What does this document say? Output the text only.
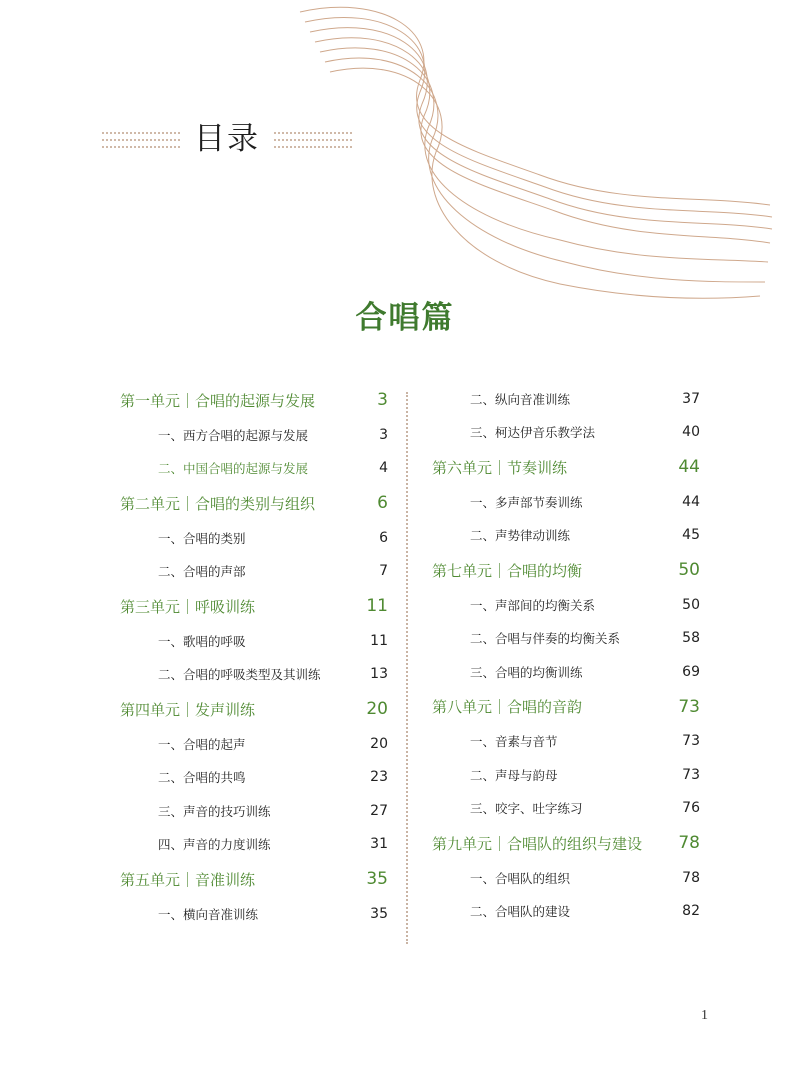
目录
合唱篇
第一单元｜合唱的起源与发展	3
一、西方合唱的起源与发展	3
二、中国合唱的起源与发展	4
第二单元｜合唱的类别与组织	6
一、合唱的类别	6
二、合唱的声部	7
第三单元｜呼吸训练	11
一、歌唱的呼吸	11
二、合唱的呼吸类型及其训练	13
第四单元｜发声训练	20
一、合唱的起声	20
二、合唱的共鸣	23
三、声音的技巧训练	27
四、声音的力度训练	31
第五单元｜音准训练	35
一、横向音准训练	35
二、纵向音准训练	37
三、柯达伊音乐教学法	40
第六单元｜节奏训练	44
一、多声部节奏训练	44
二、声势律动训练	45
第七单元｜合唱的均衡	50
一、声部间的均衡关系	50
二、合唱与伴奏的均衡关系	58
三、合唱的均衡训练	69
第八单元｜合唱的音韵	73
一、音素与音节	73
二、声母与韵母	73
三、咬字、吐字练习	76
第九单元｜合唱队的组织与建设	78
一、合唱队的组织	78
二、合唱队的建设	82
1
